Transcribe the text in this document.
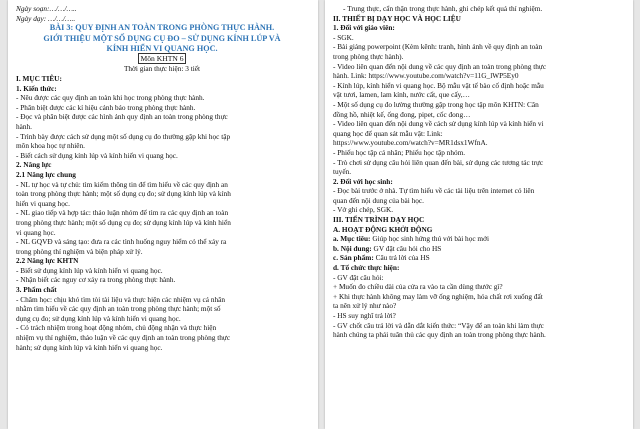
Ngày soạn:…/…/…..
Ngày dạy: …/…/…..
BÀI 3: QUY ĐỊNH AN TOÀN TRONG PHÒNG THỰC HÀNH.
GIỚI THIỆU MỘT SỐ DỤNG CỤ ĐO – SỬ DỤNG KÍNH LÚP VÀ
KÍNH HIỂN VI QUANG HỌC.
Môn KHTN 6
Thời gian thực hiện: 3 tiết
I. MỤC TIÊU:
1. Kiến thức:
- Nêu được các quy định an toàn khi học trong phòng thực hành.
- Phân biệt được các kí hiệu cảnh báo trong phòng thực hành.
- Đọc và phân biệt được các hình ảnh quy định an toàn trong phòng thực
hành.
- Trình bày được cách sử dụng một số dụng cụ đo thường gặp khi học tập
môn khoa học tự nhiên.
- Biết cách sử dụng kính lúp và kính hiển vi quang học.
2. Năng lực
2.1 Năng lực chung
- NL tự học và tự chủ: tìm kiếm thông tin để tìm hiểu về các quy định an
toàn trong phòng thực hành; một số dụng cụ đo; sử dụng kính lúp và kính
hiển vi quang học.
- NL giao tiếp và hợp tác: thảo luận nhóm để tìm ra các quy định an toàn
trong phòng thực hành; một số dụng cụ đo; sử dụng kính lúp và kính hiển
vi quang học.
- NL GQVĐ và sáng tạo: đưa ra các tình huống nguy hiểm có thể xảy ra
trong phòng thí nghiệm và biện pháp xử lý.
2.2 Năng lực KHTN
- Biết sử dụng kính lúp và kính hiển vi quang học.
- Nhận biết các nguy cơ xảy ra trong phòng thực hành.
3. Phẩm chất
- Chăm học: chịu khó tìm tòi tài liệu và thực hiện các nhiệm vụ cá nhân
nhằm tìm hiểu về các quy định an toàn trong phòng thực hành; một số
dụng cụ đo; sử dụng kính lúp và kính hiển vi quang học.
- Có trách nhiệm trong hoạt động nhóm, chủ động nhận và thực hiện
nhiệm vụ thí nghiệm, thảo luận về các quy định an toàn trong phòng thực
hành; sử dụng kính lúp và kính hiển vi quang học.
- Trung thực, cẩn thận trong thực hành, ghi chép kết quả thí nghiệm.
II. THIẾT BỊ DẠY HỌC VÀ HỌC LIỆU
1. Đối với giáo viên:
- SGK.
- Bài giảng powerpoint (Kèm kênh: tranh, hình ảnh về quy định an toàn
trong phòng thực hành).
- Video liên quan đến nội dung về các quy định an toàn trong phòng thực
hành. Link: https://www.youtube.com/watch?v=11G_lWP5Ey0
- Kính lúp, kính hiển vi quang học. Bộ mẫu vật tế bào cố định hoặc mẫu
vật tươi, lamen, lam kính, nước cất, que cấy,…
- Một số dụng cụ đo lường thường gặp trong học tập môn KHTN: Cân
đồng hồ, nhiệt kế, ống đong, pipet, cốc đong…
- Video liên quan đến nội dung về cách sử dụng kính lúp và kính hiển vi
quang học để quan sát mẫu vật: Link:
https://www.youtube.com/watch?v=MR1dsx1WfnA.
- Phiếu học tập cá nhân; Phiếu học tập nhóm.
- Trò chơi sử dụng câu hỏi liên quan đến bài, sử dụng các tương tác trực
tuyến.
2. Đối với học sinh:
- Đọc bài trước ở nhà. Tự tìm hiểu về các tài liệu trên internet có liên
quan đến nội dung của bài học.
- Vở ghi chép, SGK.
III. TIẾN TRÌNH DẠY HỌC
A. HOẠT ĐỘNG KHỞI ĐỘNG
a. Mục tiêu: Giúp học sinh hứng thú với bài học mới
b. Nội dung: GV đặt câu hỏi cho HS
c. Sản phẩm: Câu trả lời của HS
d. Tổ chức thực hiện:
- GV đặt câu hỏi:
+ Muốn đo chiều dài của cửa ra vào ta cần dùng thước gì?
+ Khi thực hành không may làm vỡ ống nghiệm, hóa chất rơi xuống đất
ta nên xử lý như nào?
- HS suy nghĩ trả lời?
- GV chốt câu trả lời và dẫn dắt kiến thức: “Vậy để an toàn khi làm thực
hành chúng ta phải tuân thủ các quy định an toàn trong phòng thực hành.
